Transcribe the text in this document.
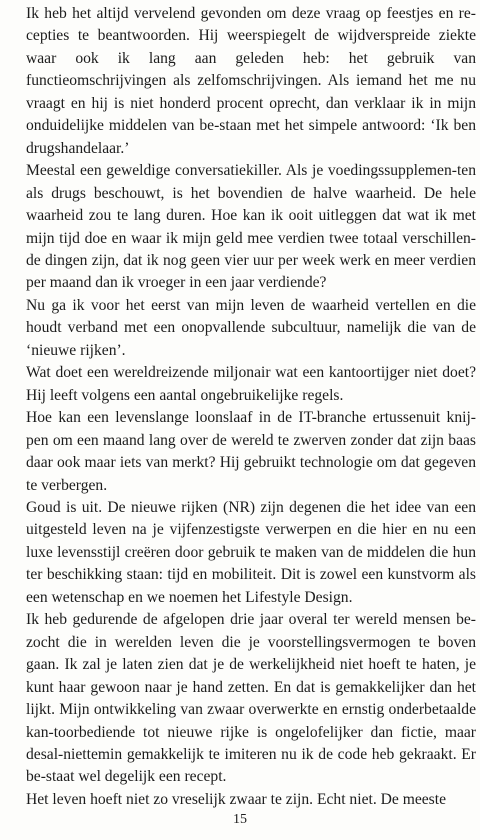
Ik heb het altijd vervelend gevonden om deze vraag op feestjes en re-cepties te beantwoorden. Hij weerspiegelt de wijdverspreide ziekte waar ook ik lang aan geleden heb: het gebruik van functieomschrijvingen als zelfomschrijvingen. Als iemand het me nu vraagt en hij is niet honderd procent oprecht, dan verklaar ik in mijn onduidelijke middelen van be-staan met het simpele antwoord: ‘Ik ben drugshandelaar.’

Meestal een geweldige conversatiekiller. Als je voedingssupplemen-ten als drugs beschouwt, is het bovendien de halve waarheid. De hele waarheid zou te lang duren. Hoe kan ik ooit uitleggen dat wat ik met mijn tijd doe en waar ik mijn geld mee verdien twee totaal verschillen-de dingen zijn, dat ik nog geen vier uur per week werk en meer verdien per maand dan ik vroeger in een jaar verdiende?

Nu ga ik voor het eerst van mijn leven de waarheid vertellen en die houdt verband met een onopvallende subcultuur, namelijk die van de ‘nieuwe rijken’.

Wat doet een wereldreizende miljonair wat een kantoortijger niet doet? Hij leeft volgens een aantal ongebruikelijke regels.

Hoe kan een levenslange loonslaaf in de IT-branche ertussenuit knij-pen om een maand lang over de wereld te zwerven zonder dat zijn baas daar ook maar iets van merkt? Hij gebruikt technologie om dat gegeven te verbergen.

Goud is uit. De nieuwe rijken (NR) zijn degenen die het idee van een uitgesteld leven na je vijfenzestigste verwerpen en die hier en nu een luxe levensstijl creëren door gebruik te maken van de middelen die hun ter beschikking staan: tijd en mobiliteit. Dit is zowel een kunstvorm als een wetenschap en we noemen het Lifestyle Design.

Ik heb gedurende de afgelopen drie jaar overal ter wereld mensen be-zocht die in werelden leven die je voorstellingsvermogen te boven gaan. Ik zal je laten zien dat je de werkelijkheid niet hoeft te haten, je kunt haar gewoon naar je hand zetten. En dat is gemakkelijker dan het lijkt. Mijn ontwikkeling van zwaar overwerkte en ernstig onderbetaalde kan-toorbediende tot nieuwe rijke is ongelofelijker dan fictie, maar desal-niettemin gemakkelijk te imiteren nu ik de code heb gekraakt. Er be-staat wel degelijk een recept.

Het leven hoeft niet zo vreselijk zwaar te zijn. Echt niet. De meeste

15
